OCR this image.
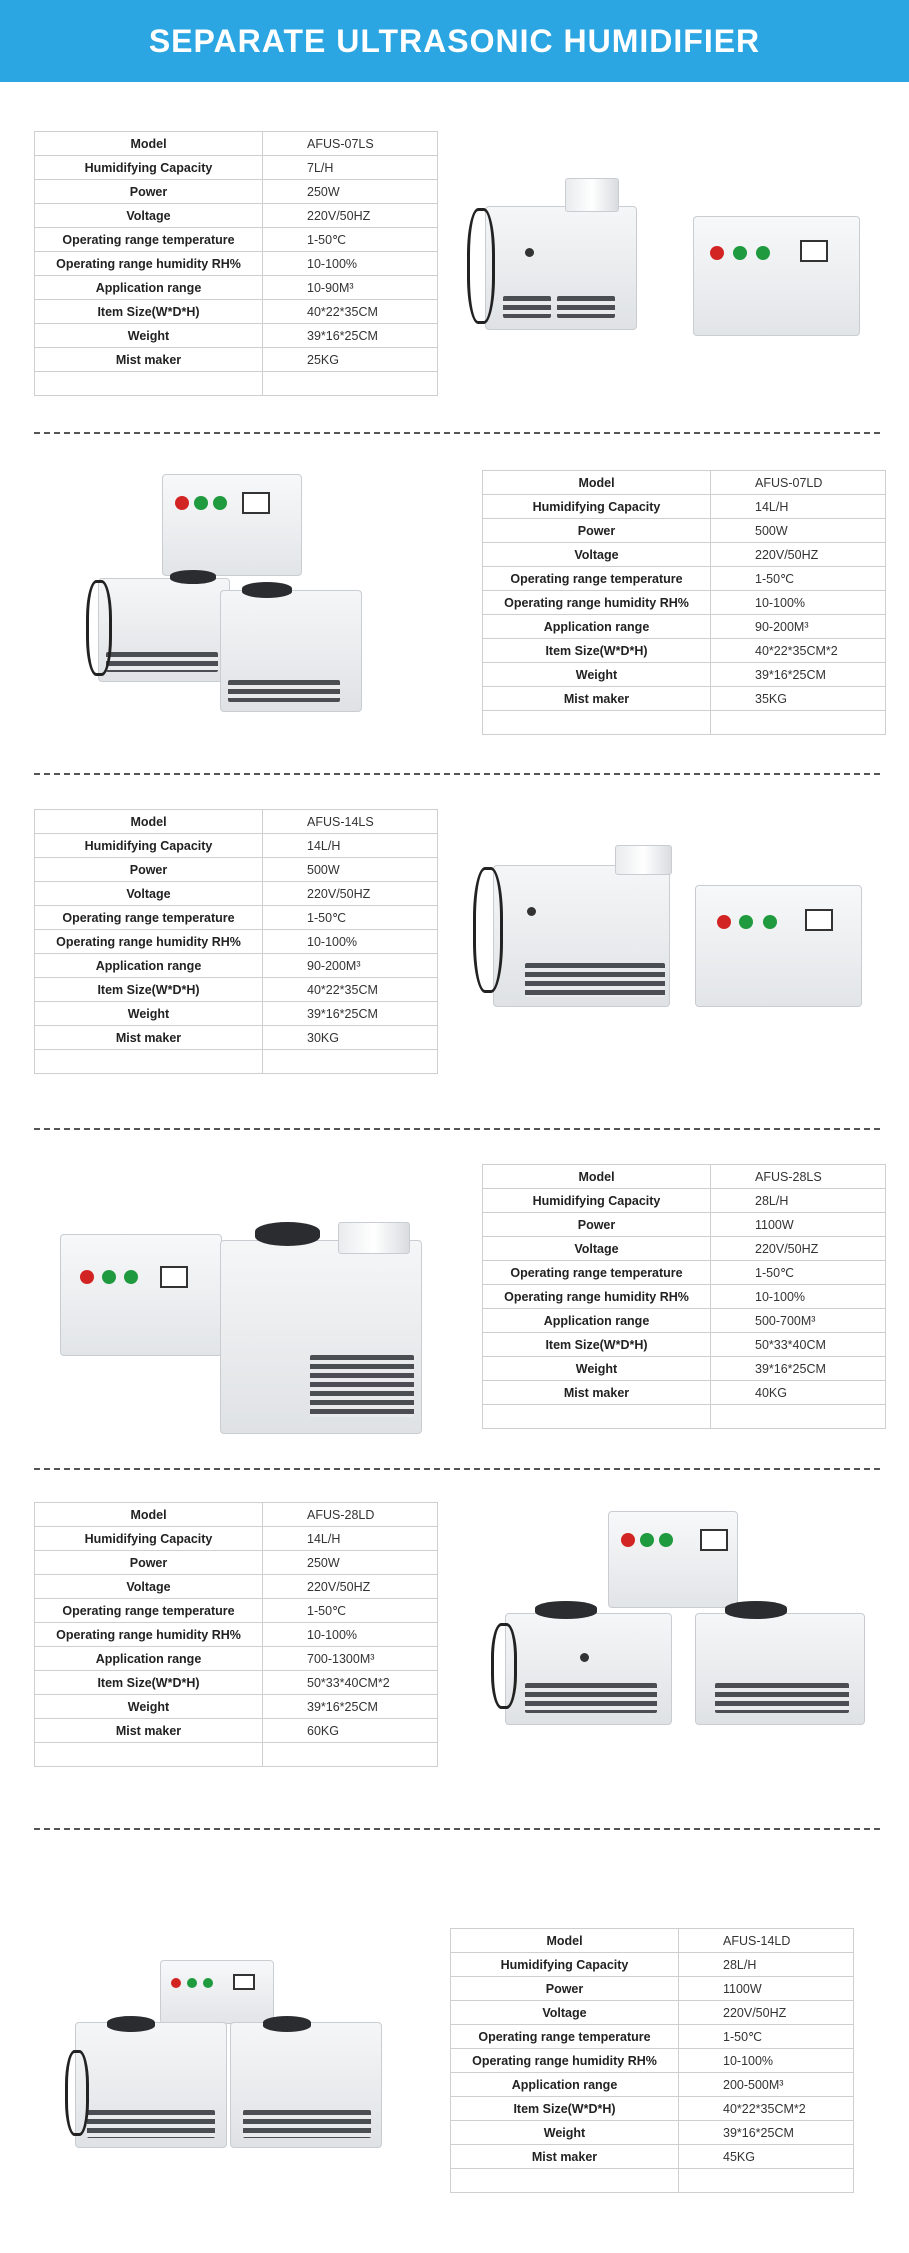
SEPARATE ULTRASONIC HUMIDIFIER
Model	AFUS-07LS
Humidifying Capacity	7L/H
Power	250W
Voltage	220V/50HZ
Operating range temperature	1-50℃
Operating range humidity RH%	10-100%
Application range	10-90M³
Item Size(W*D*H)	40*22*35CM
Weight	39*16*25CM
Mist maker	25KG

Model	AFUS-07LD
Humidifying Capacity	14L/H
Power	500W
Voltage	220V/50HZ
Operating range temperature	1-50℃
Operating range humidity RH%	10-100%
Application range	90-200M³
Item Size(W*D*H)	40*22*35CM*2
Weight	39*16*25CM
Mist maker	35KG

Model	AFUS-14LS
Humidifying Capacity	14L/H
Power	500W
Voltage	220V/50HZ
Operating range temperature	1-50℃
Operating range humidity RH%	10-100%
Application range	90-200M³
Item Size(W*D*H)	40*22*35CM
Weight	39*16*25CM
Mist maker	30KG

Model	AFUS-28LS
Humidifying Capacity	28L/H
Power	1100W
Voltage	220V/50HZ
Operating range temperature	1-50℃
Operating range humidity RH%	10-100%
Application range	500-700M³
Item Size(W*D*H)	50*33*40CM
Weight	39*16*25CM
Mist maker	40KG

Model	AFUS-28LD
Humidifying Capacity	14L/H
Power	250W
Voltage	220V/50HZ
Operating range temperature	1-50℃
Operating range humidity RH%	10-100%
Application range	700-1300M³
Item Size(W*D*H)	50*33*40CM*2
Weight	39*16*25CM
Mist maker	60KG

Model	AFUS-14LD
Humidifying Capacity	28L/H
Power	1100W
Voltage	220V/50HZ
Operating range temperature	1-50℃
Operating range humidity RH%	10-100%
Application range	200-500M³
Item Size(W*D*H)	40*22*35CM*2
Weight	39*16*25CM
Mist maker	45KG
